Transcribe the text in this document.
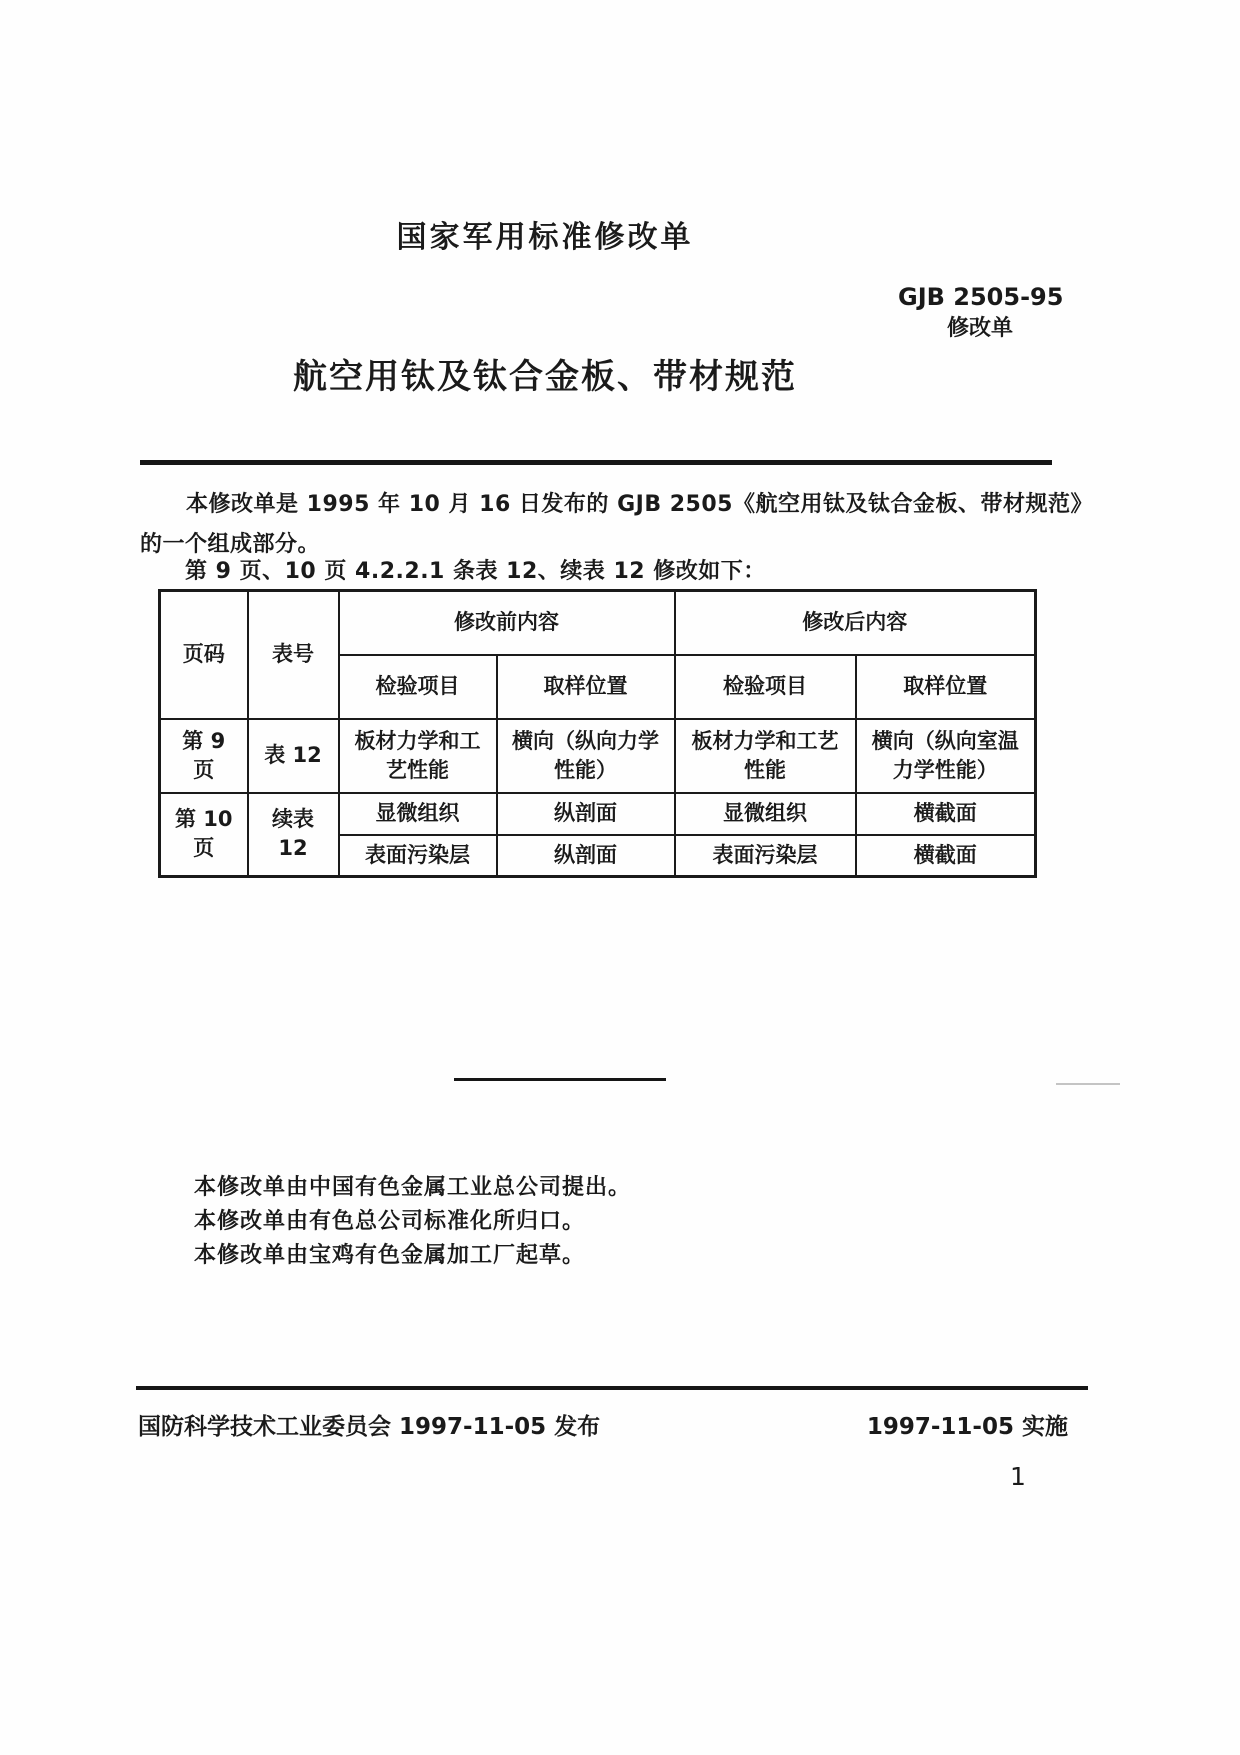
国家军用标准修改单
GJB 2505-95
修改单
航空用钛及钛合金板、带材规范
本修改单是 1995 年 10 月 16 日发布的 GJB 2505《航空用钛及钛合金板、带材规范》
的一个组成部分。
第 9 页、10 页 4.2.2.1 条表 12、续表 12 修改如下：
页码	表号	修改前内容		修改后内容	
		检验项目	取样位置	检验项目	取样位置
第 9 页	表 12	板材力学和工艺性能	横向（纵向力学性能）	板材力学和工艺性能	横向（纵向室温力学性能）
第 10 页	续表 12	显微组织	纵剖面	显微组织	横截面
		表面污染层	纵剖面	表面污染层	横截面
本修改单由中国有色金属工业总公司提出。
本修改单由有色总公司标准化所归口。
本修改单由宝鸡有色金属加工厂起草。
国防科学技术工业委员会 1997-11-05 发布	1997-11-05 实施
1
